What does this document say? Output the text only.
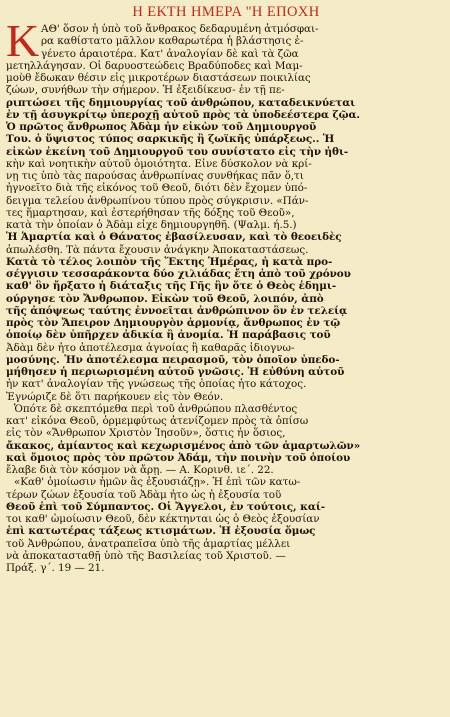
Η ΕΚΤΗ ΗΜΕΡΑ "Η ΕΠΟΧΗ
Κ ΑΘ' ὅσον ἡ ὑπὸ τοῦ ἄνθρακος δεδαρυμένη ἀτμόσφαι-
ρα καθίστατο μᾶλλον καθαρωτέρα ἡ βλάστησις ἐ-
γένετο ἀραιοτέρα. Κατ' ἀναλογίαν δὲ καὶ τὰ ζῶα
μετηλλάγησαν. Οἱ δαρυοστεώδεις Βραδύποδες καὶ Μαμ-
μοὺθ ἔδωκαν θέσιν εἰς μικροτέρων διαστάσεων ποικιλίας
ζώων, συνήθων τὴν σήμερον. Ἡ ἐξειδίκευσ- ἐν τῇ πε-
ριπτώσει τῆς δημιουργίας τοῦ ἀνθρώπου, καταδεικνύεται
ἐν τῇ ἀσυγκρίτῳ ὑπεροχῇ αὐτοῦ πρὸς τὰ ὑποδεέστερα ζῷα.
Ὁ πρῶτος ἄνθρωπος Ἀδὰμ ἦν εἰκὼν τοῦ Δημιουργοῦ
Του. ὁ ὕψιστος τύπος σαρκικῆς ἢ ζωϊκῆς ὑπάρξεως.. Ἡ
εἰκὼν ἐκείνη τοῦ Δημιουργοῦ του συνίστατο εἰς τὴν ἠθι-
κὴν καὶ νοητικὴν αὐτοῦ ὁμοιότητα. Εἶνε δύσκολον νὰ κρί-
νῃ τις ὑπὸ τὰς παρούσας ἀνθρωπίνας συνθήκας πᾶν ὅ,τι
ἠγνοεῖτο διὰ τῆς εἰκόνος τοῦ Θεοῦ, διότι δὲν ἔχομεν ὑπό-
δειγμα τελείου ἀνθρωπίνου τύπου πρὸς σύγκρισιν. «Πάν-
τες ἥμαρτησαν, καὶ ἐστερήθησαν τῆς δόξης τοῦ Θεοῦ»,
κατὰ τὴν ὁποίαν ὁ Ἀδὰμ εἶχε δημιουργηθῆ. (Ψαλμ. ή.5.)
Ἡ Ἁμαρτία καὶ ὁ Θάνατος ἐβασίλευσαν, καὶ τὸ θεοειδὲς
ἀπωλέσθη. Τὰ πάντα ἔχουσιν ἀνάγκην Ἀποκαταστάσεως.
Κατὰ τὸ τέλος λοιπὸν τῆς Ἕκτης Ἡμέρας, ἡ κατὰ προ-
σέγγισιν τεσσαράκοντα δύο χιλιάδας ἔτη ἀπὸ τοῦ χρόνου
καθ' ὃν ἤρξατο ἡ διάταξις τῆς Γῆς ἣν ὅτε ὁ Θεὸς ἐδημι-
ούργησε τὸν Ἄνθρωπον. Εἰκὼν τοῦ Θεοῦ, λοιπόν, ἀπὸ
τῆς ἀπόψεως ταύτης ἐννοεῖται ἀνθρώπινον ὂν ἐν τελείᾳ
πρὸς τὸν Ἄπειρον Δημιουργὸν ἁρμονίᾳ, ἄνθρωπος ἐν τῷ
ὁποίῳ δὲν ὑπῆρχεν ἀδικία ἢ ἀνομία. Ἡ παράβασις τοῦ
Ἀδὰμ δὲν ἦτο ἀποτέλεσμα ἀγνοίας ἢ καθαρᾶς ἰδιογνω-
μοσύνης. Ἦν ἀποτέλεσμα πειρασμοῦ, τὸν ὁποῖον ὑπεδο-
μήθησεν ἡ περιωρισμένη αὐτοῦ γνῶσις. Ἡ εὐθύνη αὐτοῦ
ἦν κατ' ἀναλογίαν τῆς γνώσεως τῆς ὁποίας ἦτο κάτοχος.
Ἐγνώριζε δὲ ὅτι παρήκουεν εἰς τὸν Θεόν.
Ὁπότε δὲ σκεπτόμεθα περὶ τοῦ ἀνθρώπου πλασθέντος
κατ' εἰκόνα Θεοῦ, ὁρμεμφύτως ἀτενίζομεν πρὸς τὰ ὀπίσω
εἰς τὸν «Ἄνθρωπον Χριστὸν Ἰησοῦν», ὅστις ἦν ὅσιος,
ἄκακος, ἀμίαντος καὶ κεχωρισμένος ἀπὸ τῶν ἁμαρτωλῶν»
καὶ ὅμοιος πρὸς τὸν πρῶτον Ἀδάμ, τὴν ποινὴν τοῦ ὁποίου
ἔλαβε διὰ τὸν κόσμον νὰ ἄρῃ. — Α. Κορινθ. ιε΄. 22.
«Καθ' ὁμοίωσιν ἡμῶν ἂς ἐξουσιάζῃ». Ἡ ἐπὶ τῶν κατω-
τέρων ζώων ἐξουσία τοῦ Ἀδὰμ ἦτο ὡς ἡ ἐξουσία τοῦ
Θεοῦ ἐπὶ τοῦ Σύμπαντος. Οἱ Ἄγγελοι, ἐν τούτοις, καί-
τοι καθ' ὡμοίωσιν Θεοῦ, δὲν κέκτηνται ὡς ὁ Θεὸς ἐξουσίαν
ἐπὶ κατωτέρας τάξεως κτισμάτων. Ἡ ἐξουσία ὅμως
τοῦ Ἀνθρώπου, ἀνατραπεῖσα ὑπὸ τῆς ἁμαρτίας μέλλει
νὰ ἀποκατασταθῇ ὑπὸ τῆς Βασιλείας τοῦ Χριστοῦ. —
Πράξ. γ΄. 19 — 21.
